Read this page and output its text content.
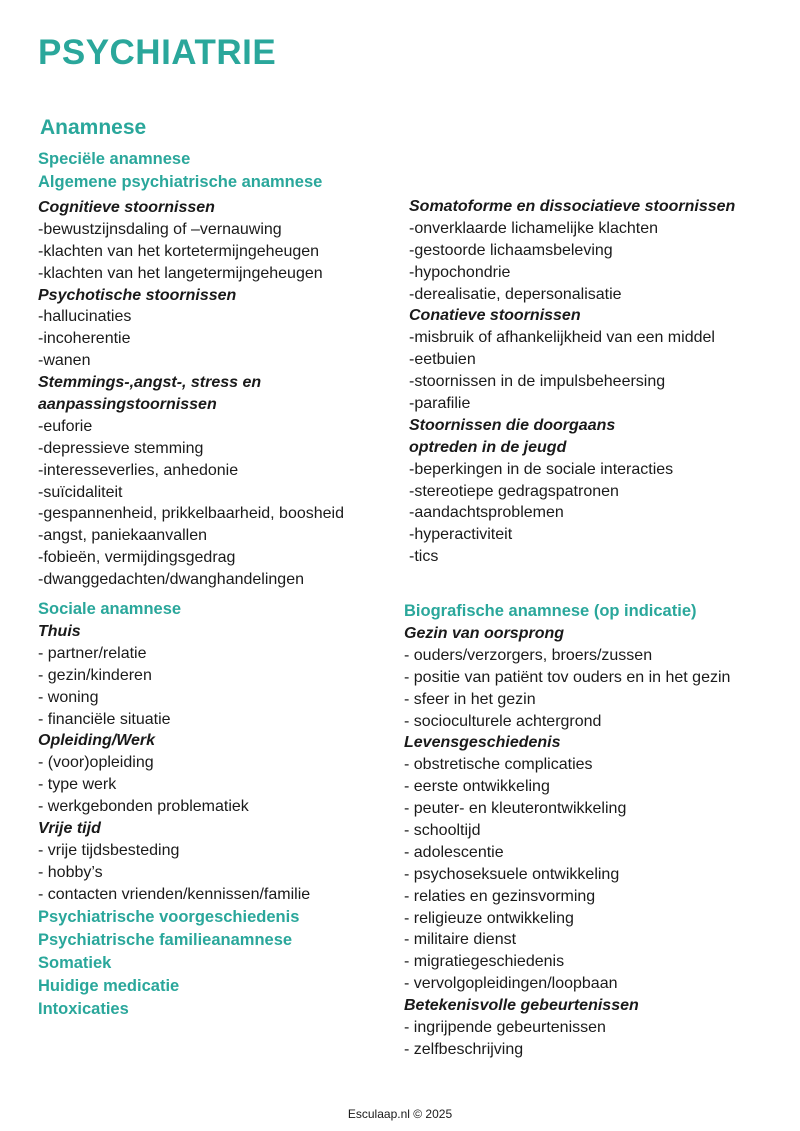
PSYCHIATRIE
Anamnese
Speciële anamnese
Algemene psychiatrische anamnese
Cognitieve stoornissen
-bewustzijnsdaling of –vernauwing
-klachten van het kortetermijngeheugen
-klachten van het langetermijngeheugen
Psychotische stoornissen
-hallucinaties
-incoherentie
-wanen
Stemmings-,angst-, stress en
aanpassingstoornissen
-euforie
-depressieve stemming
-interesseverlies, anhedonie
-suïcidaliteit
-gespannenheid, prikkelbaarheid, boosheid
-angst, paniekaanvallen
-fobieën, vermijdingsgedrag
-dwanggedachten/dwanghandelingen
Somatoforme en dissociatieve stoornissen
-onverklaarde lichamelijke klachten
-gestoorde lichaamsbeleving
-hypochondrie
-derealisatie, depersonalisatie
Conatieve stoornissen
-misbruik of afhankelijkheid van een middel
-eetbuien
-stoornissen in de impulsbeheersing
-parafilie
Stoornissen die doorgaans
optreden in de jeugd
-beperkingen in de sociale interacties
-stereotiepe gedragspatronen
-aandachtsproblemen
-hyperactiviteit
-tics
Sociale anamnese
Thuis
- partner/relatie
- gezin/kinderen
- woning
- financiële situatie
Opleiding/Werk
- (voor)opleiding
- type werk
- werkgebonden problematiek
Vrije tijd
- vrije tijdsbesteding
- hobby’s
- contacten vrienden/kennissen/familie
Psychiatrische voorgeschiedenis
Psychiatrische familieanamnese
Somatiek
Huidige medicatie
Intoxicaties
Biografische anamnese (op indicatie)
Gezin van oorsprong
- ouders/verzorgers, broers/zussen
- positie van patiënt tov ouders en in het gezin
- sfeer in het gezin
- socioculturele achtergrond
Levensgeschiedenis
- obstretische complicaties
- eerste ontwikkeling
- peuter- en kleuterontwikkeling
- schooltijd
- adolescentie
- psychoseksuele ontwikkeling
- relaties en gezinsvorming
- religieuze ontwikkeling
- militaire dienst
- migratiegeschiedenis
- vervolgopleidingen/loopbaan
Betekenisvolle gebeurtenissen
- ingrijpende gebeurtenissen
- zelfbeschrijving
Esculaap.nl © 2025
